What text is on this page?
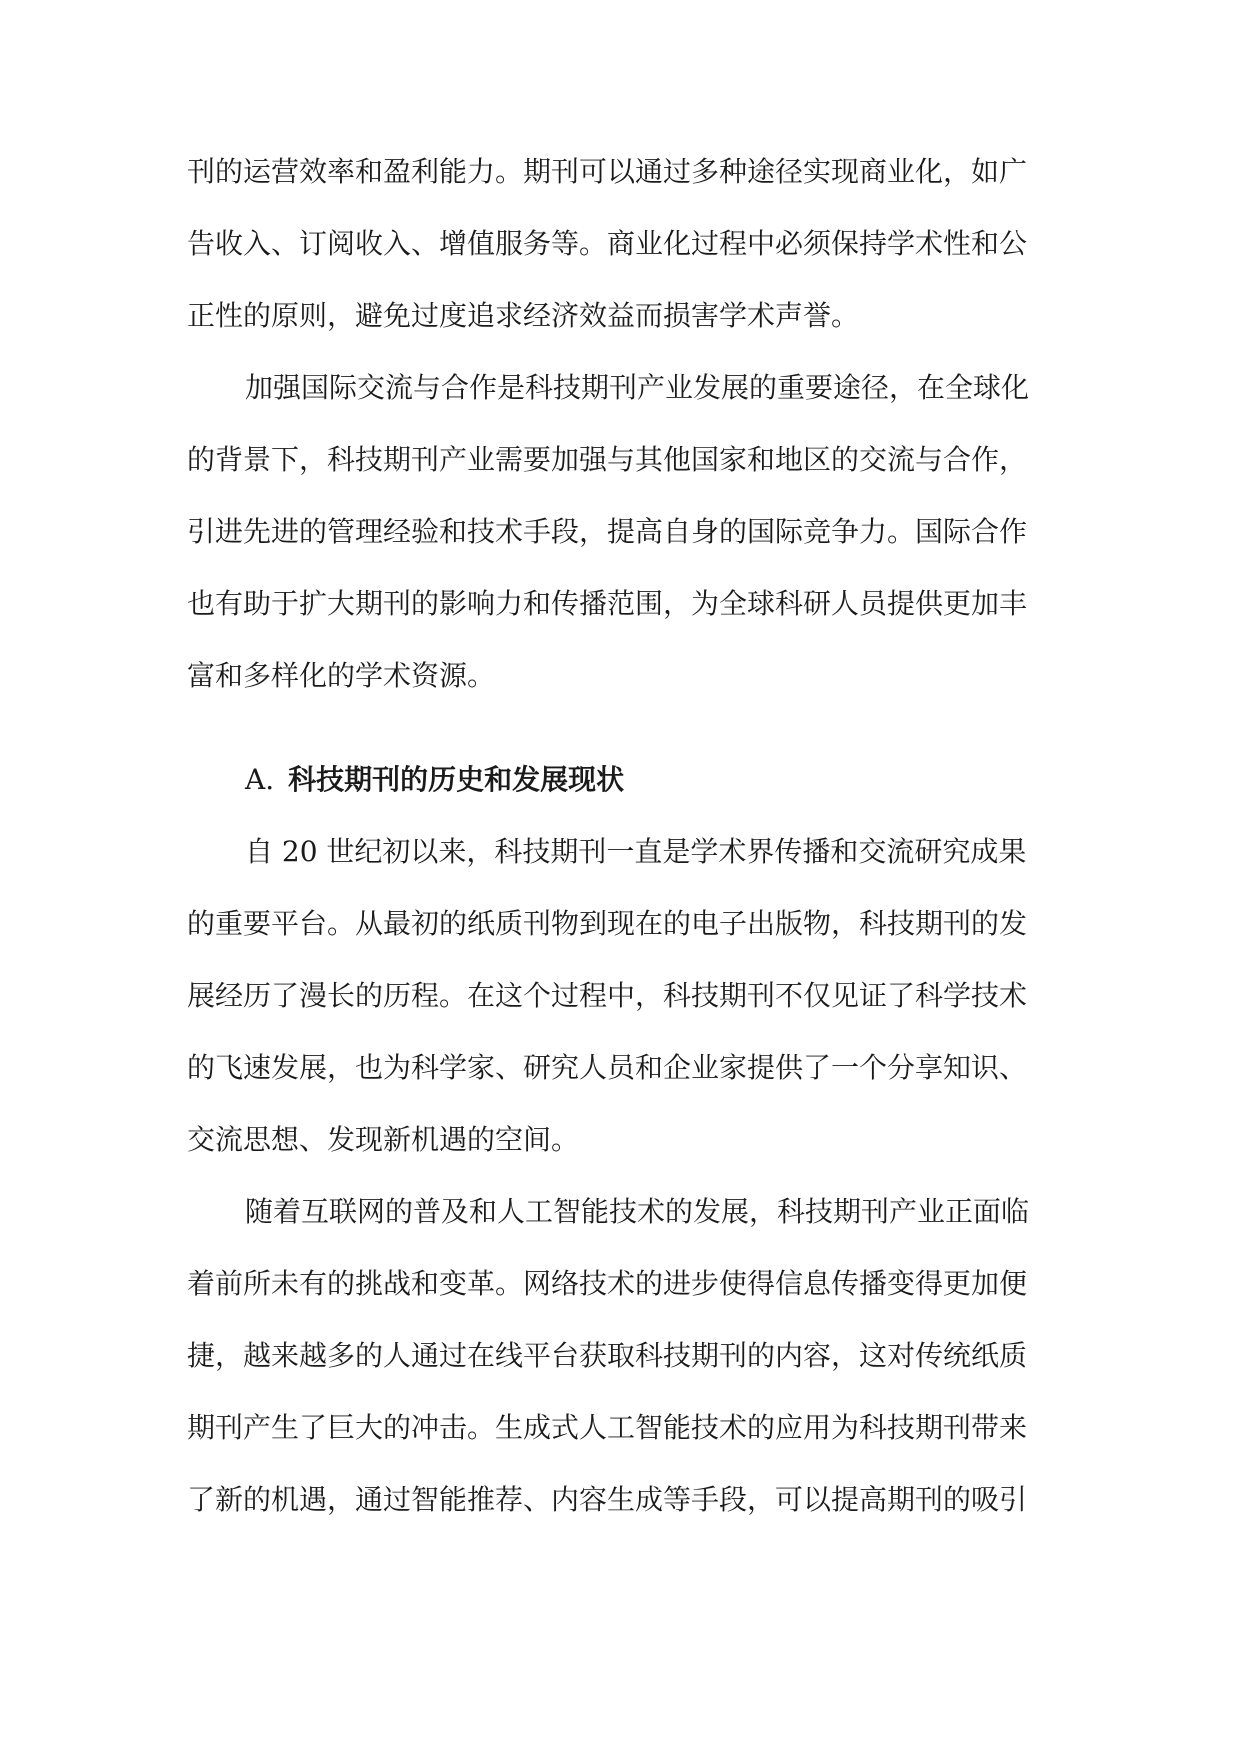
刊的运营效率和盈利能力。期刊可以通过多种途径实现商业化，如广
告收入、订阅收入、增值服务等。商业化过程中必须保持学术性和公
正性的原则，避免过度追求经济效益而损害学术声誉。
加强国际交流与合作是科技期刊产业发展的重要途径，在全球化
的背景下，科技期刊产业需要加强与其他国家和地区的交流与合作，
引进先进的管理经验和技术手段，提高自身的国际竞争力。国际合作
也有助于扩大期刊的影响力和传播范围，为全球科研人员提供更加丰
富和多样化的学术资源。
A. 科技期刊的历史和发展现状
自 20 世纪初以来，科技期刊一直是学术界传播和交流研究成果
的重要平台。从最初的纸质刊物到现在的电子出版物，科技期刊的发
展经历了漫长的历程。在这个过程中，科技期刊不仅见证了科学技术
的飞速发展，也为科学家、研究人员和企业家提供了一个分享知识、
交流思想、发现新机遇的空间。
随着互联网的普及和人工智能技术的发展，科技期刊产业正面临
着前所未有的挑战和变革。网络技术的进步使得信息传播变得更加便
捷，越来越多的人通过在线平台获取科技期刊的内容，这对传统纸质
期刊产生了巨大的冲击。生成式人工智能技术的应用为科技期刊带来
了新的机遇，通过智能推荐、内容生成等手段，可以提高期刊的吸引
